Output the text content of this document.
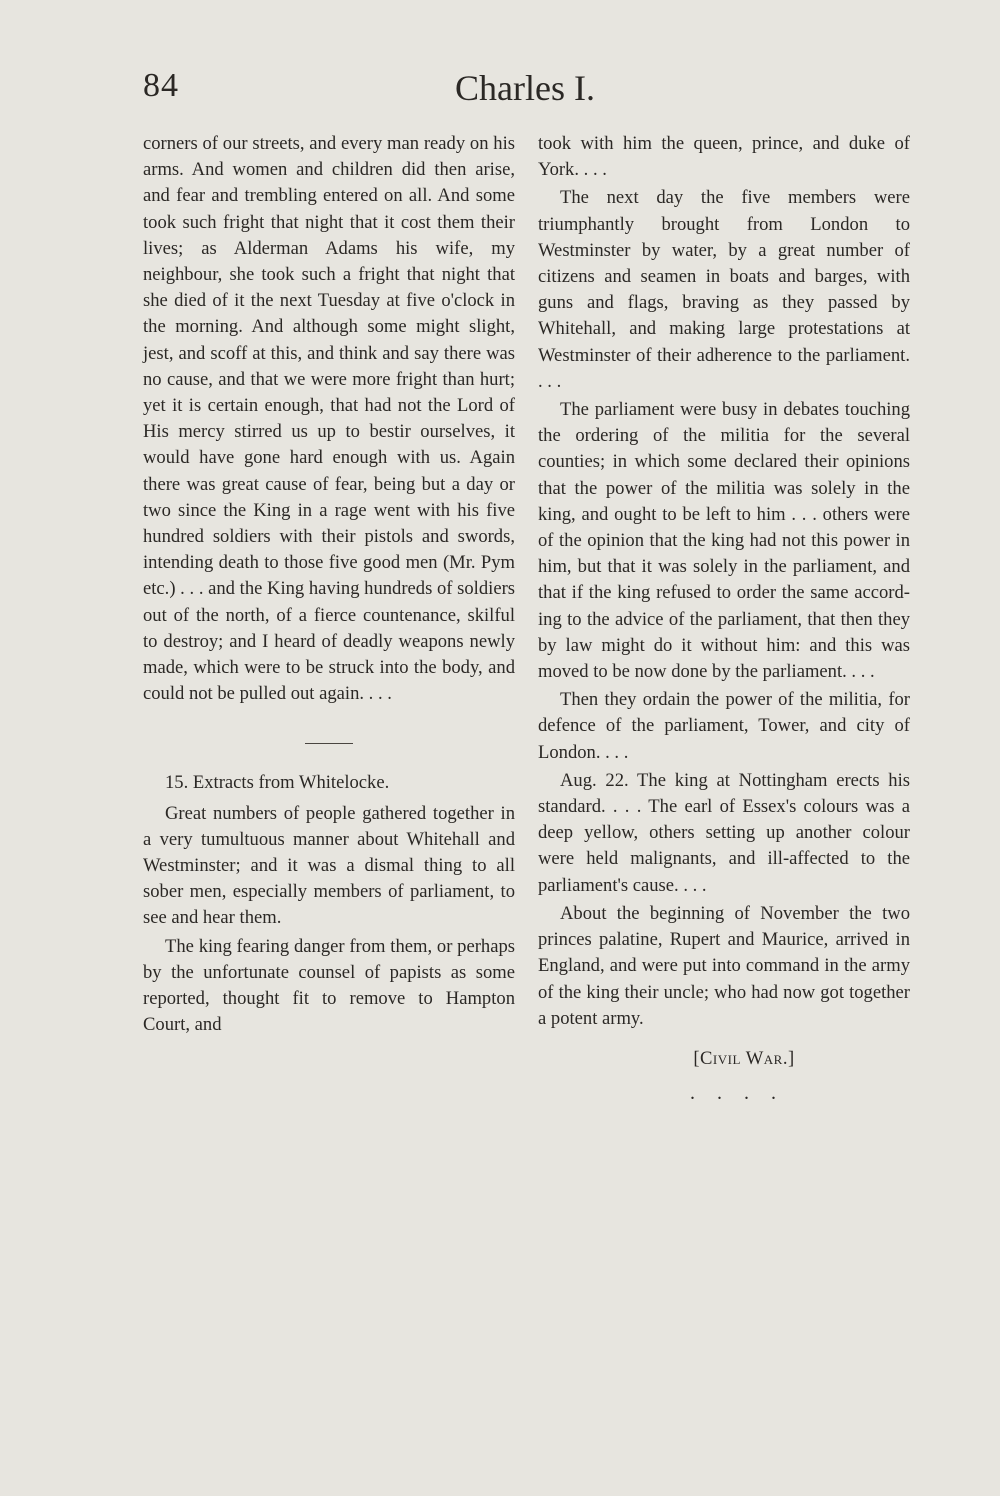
84	Charles I.

corners of our streets, and every man ready on his arms. And women and children did then arise, and fear and trembling entered on all. And some took such fright that night that it cost them their lives; as Alderman Adams his wife, my neighbour, she took such a fright that night that she died of it the next Tuesday at five o'clock in the morning. And although some might slight, jest, and scoff at this, and think and say there was no cause, and that we were more fright than hurt; yet it is certain enough, that had not the Lord of His mercy stirred us up to bestir ourselves, it would have gone hard enough with us. Again there was great cause of fear, being but a day or two since the King in a rage went with his five hundred soldiers with their pistols and swords, intending death to those five good men (Mr. Pym etc.) . . . and the King having hundreds of soldiers out of the north, of a fierce countenance, skilful to destroy; and I heard of deadly weapons newly made, which were to be struck into the body, and could not be pulled out again. . . .

15. Extracts from Whitelocke.

Great numbers of people gathered together in a very tumultuous manner about Whitehall and Westminster; and it was a dismal thing to all sober men, especially members of parliament, to see and hear them.

The king fearing danger from them, or perhaps by the unfortunate counsel of papists as some reported, thought fit to remove to Hampton Court, and

took with him the queen, prince, and duke of York. . . .

The next day the five members were triumphantly brought from London to Westminster by water, by a great number of citizens and seamen in boats and barges, with guns and flags, braving as they passed by Whitehall, and making large protestations at Westminster of their adherence to the parliament. . . .

The parliament were busy in debates touching the ordering of the militia for the several counties; in which some declared their opinions that the power of the militia was solely in the king, and ought to be left to him . . . others were of the opinion that the king had not this power in him, but that it was solely in the parliament, and that if the king refused to order the same according to the advice of the parliament, that then they by law might do it without him: and this was moved to be now done by the parliament. . . .

Then they ordain the power of the militia, for defence of the parliament, Tower, and city of London. . . .

Aug. 22. The king at Nottingham erects his standard. . . . The earl of Essex's colours was a deep yellow, others setting up another colour were held malignants, and ill-affected to the parliament's cause. . . .

About the beginning of November the two princes palatine, Rupert and Maurice, arrived in England, and were put into command in the army of the king their uncle; who had now got together a potent army.

[Civil War.]
....
